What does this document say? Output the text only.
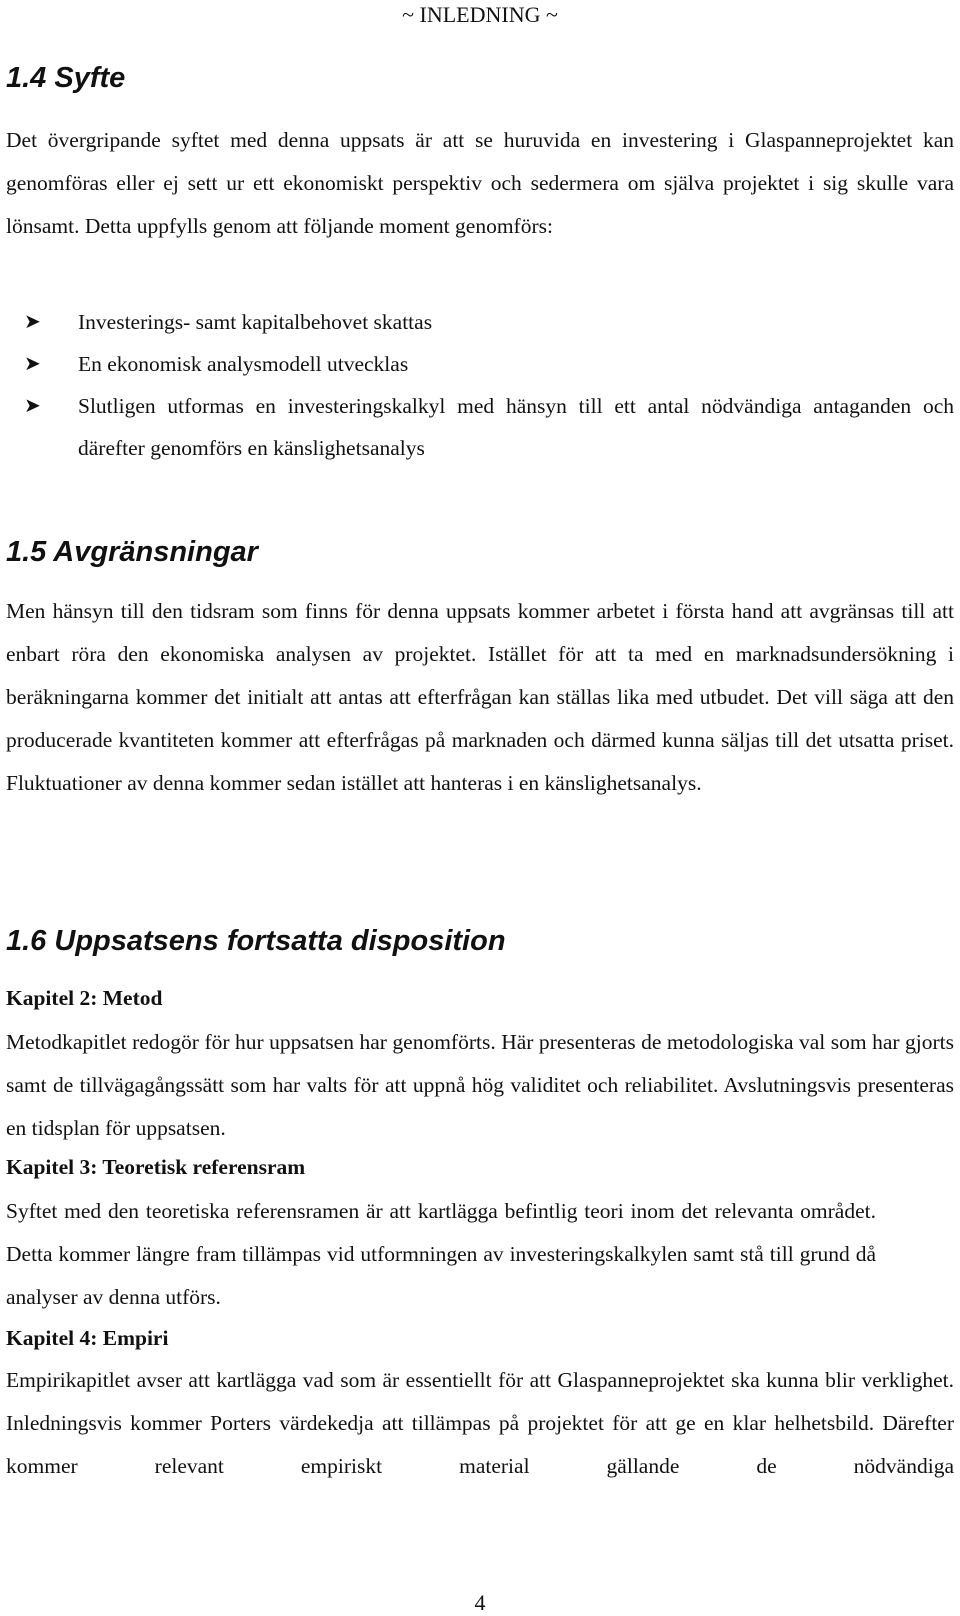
~ INLEDNING ~
1.4 Syfte

Det övergripande syftet med denna uppsats är att se huruvida en investering i Glaspanneprojektet kan genomföras eller ej sett ur ett ekonomiskt perspektiv och sedermera om själva projektet i sig skulle vara lönsamt. Detta uppfylls genom att följande moment genomförs:

➤ Investerings- samt kapitalbehovet skattas
➤ En ekonomisk analysmodell utvecklas
➤ Slutligen utformas en investeringskalkyl med hänsyn till ett antal nödvändiga antaganden och därefter genomförs en känslighetsanalys
1.5 Avgränsningar

Men hänsyn till den tidsram som finns för denna uppsats kommer arbetet i första hand att avgränsas till att enbart röra den ekonomiska analysen av projektet. Istället för att ta med en marknadsundersökning i beräkningarna kommer det initialt att antas att efterfrågan kan ställas lika med utbudet. Det vill säga att den producerade kvantiteten kommer att efterfrågas på marknaden och därmed kunna säljas till det utsatta priset. Fluktuationer av denna kommer sedan istället att hanteras i en känslighetsanalys.

1.6 Uppsatsens fortsatta disposition
Kapitel 2: Metod

Metodkapitlet redogör för hur uppsatsen har genomförts. Här presenteras de metodologiska val som har gjorts samt de tillvägagångssätt som har valts för att uppnå hög validitet och reliabilitet. Avslutningsvis presenteras en tidsplan för uppsatsen.

Kapitel 3: Teoretisk referensram

Syftet med den teoretiska referensramen är att kartlägga befintlig teori inom det relevanta området. Detta kommer längre fram tillämpas vid utformningen av investeringskalkylen samt stå till grund då analyser av denna utförs.

Kapitel 4: Empiri

Empirikapitlet avser att kartlägga vad som är essentiellt för att Glaspanneprojektet ska kunna blir verklighet. Inledningsvis kommer Porters värdekedja att tillämpas på projektet för att ge en klar helhetsbild. Därefter kommer relevant empiriskt material gällande de nödvändiga

4
